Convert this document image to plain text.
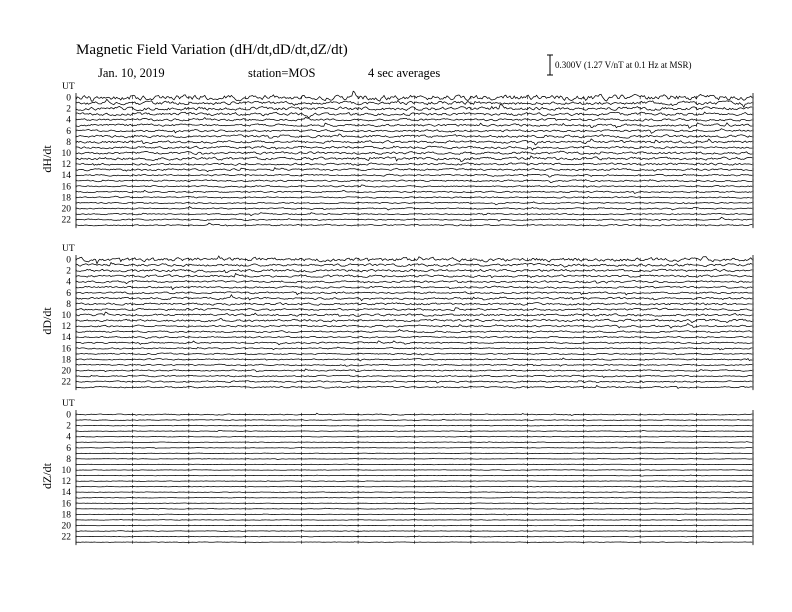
Magnetic Field Variation (dH/dt,dD/dt,dZ/dt)
Jan. 10, 2019	station=MOS	4 sec averages
0.300V (1.27 V/nT at 0.1 Hz at MSR)
dH/dt
UT
0
2
4
6
8
10
12
14
16
18
20
22
dD/dt
UT
0
2
4
6
8
10
12
14
16
18
20
22
dZ/dt
UT
0
2
4
6
8
10
12
14
16
18
20
22
